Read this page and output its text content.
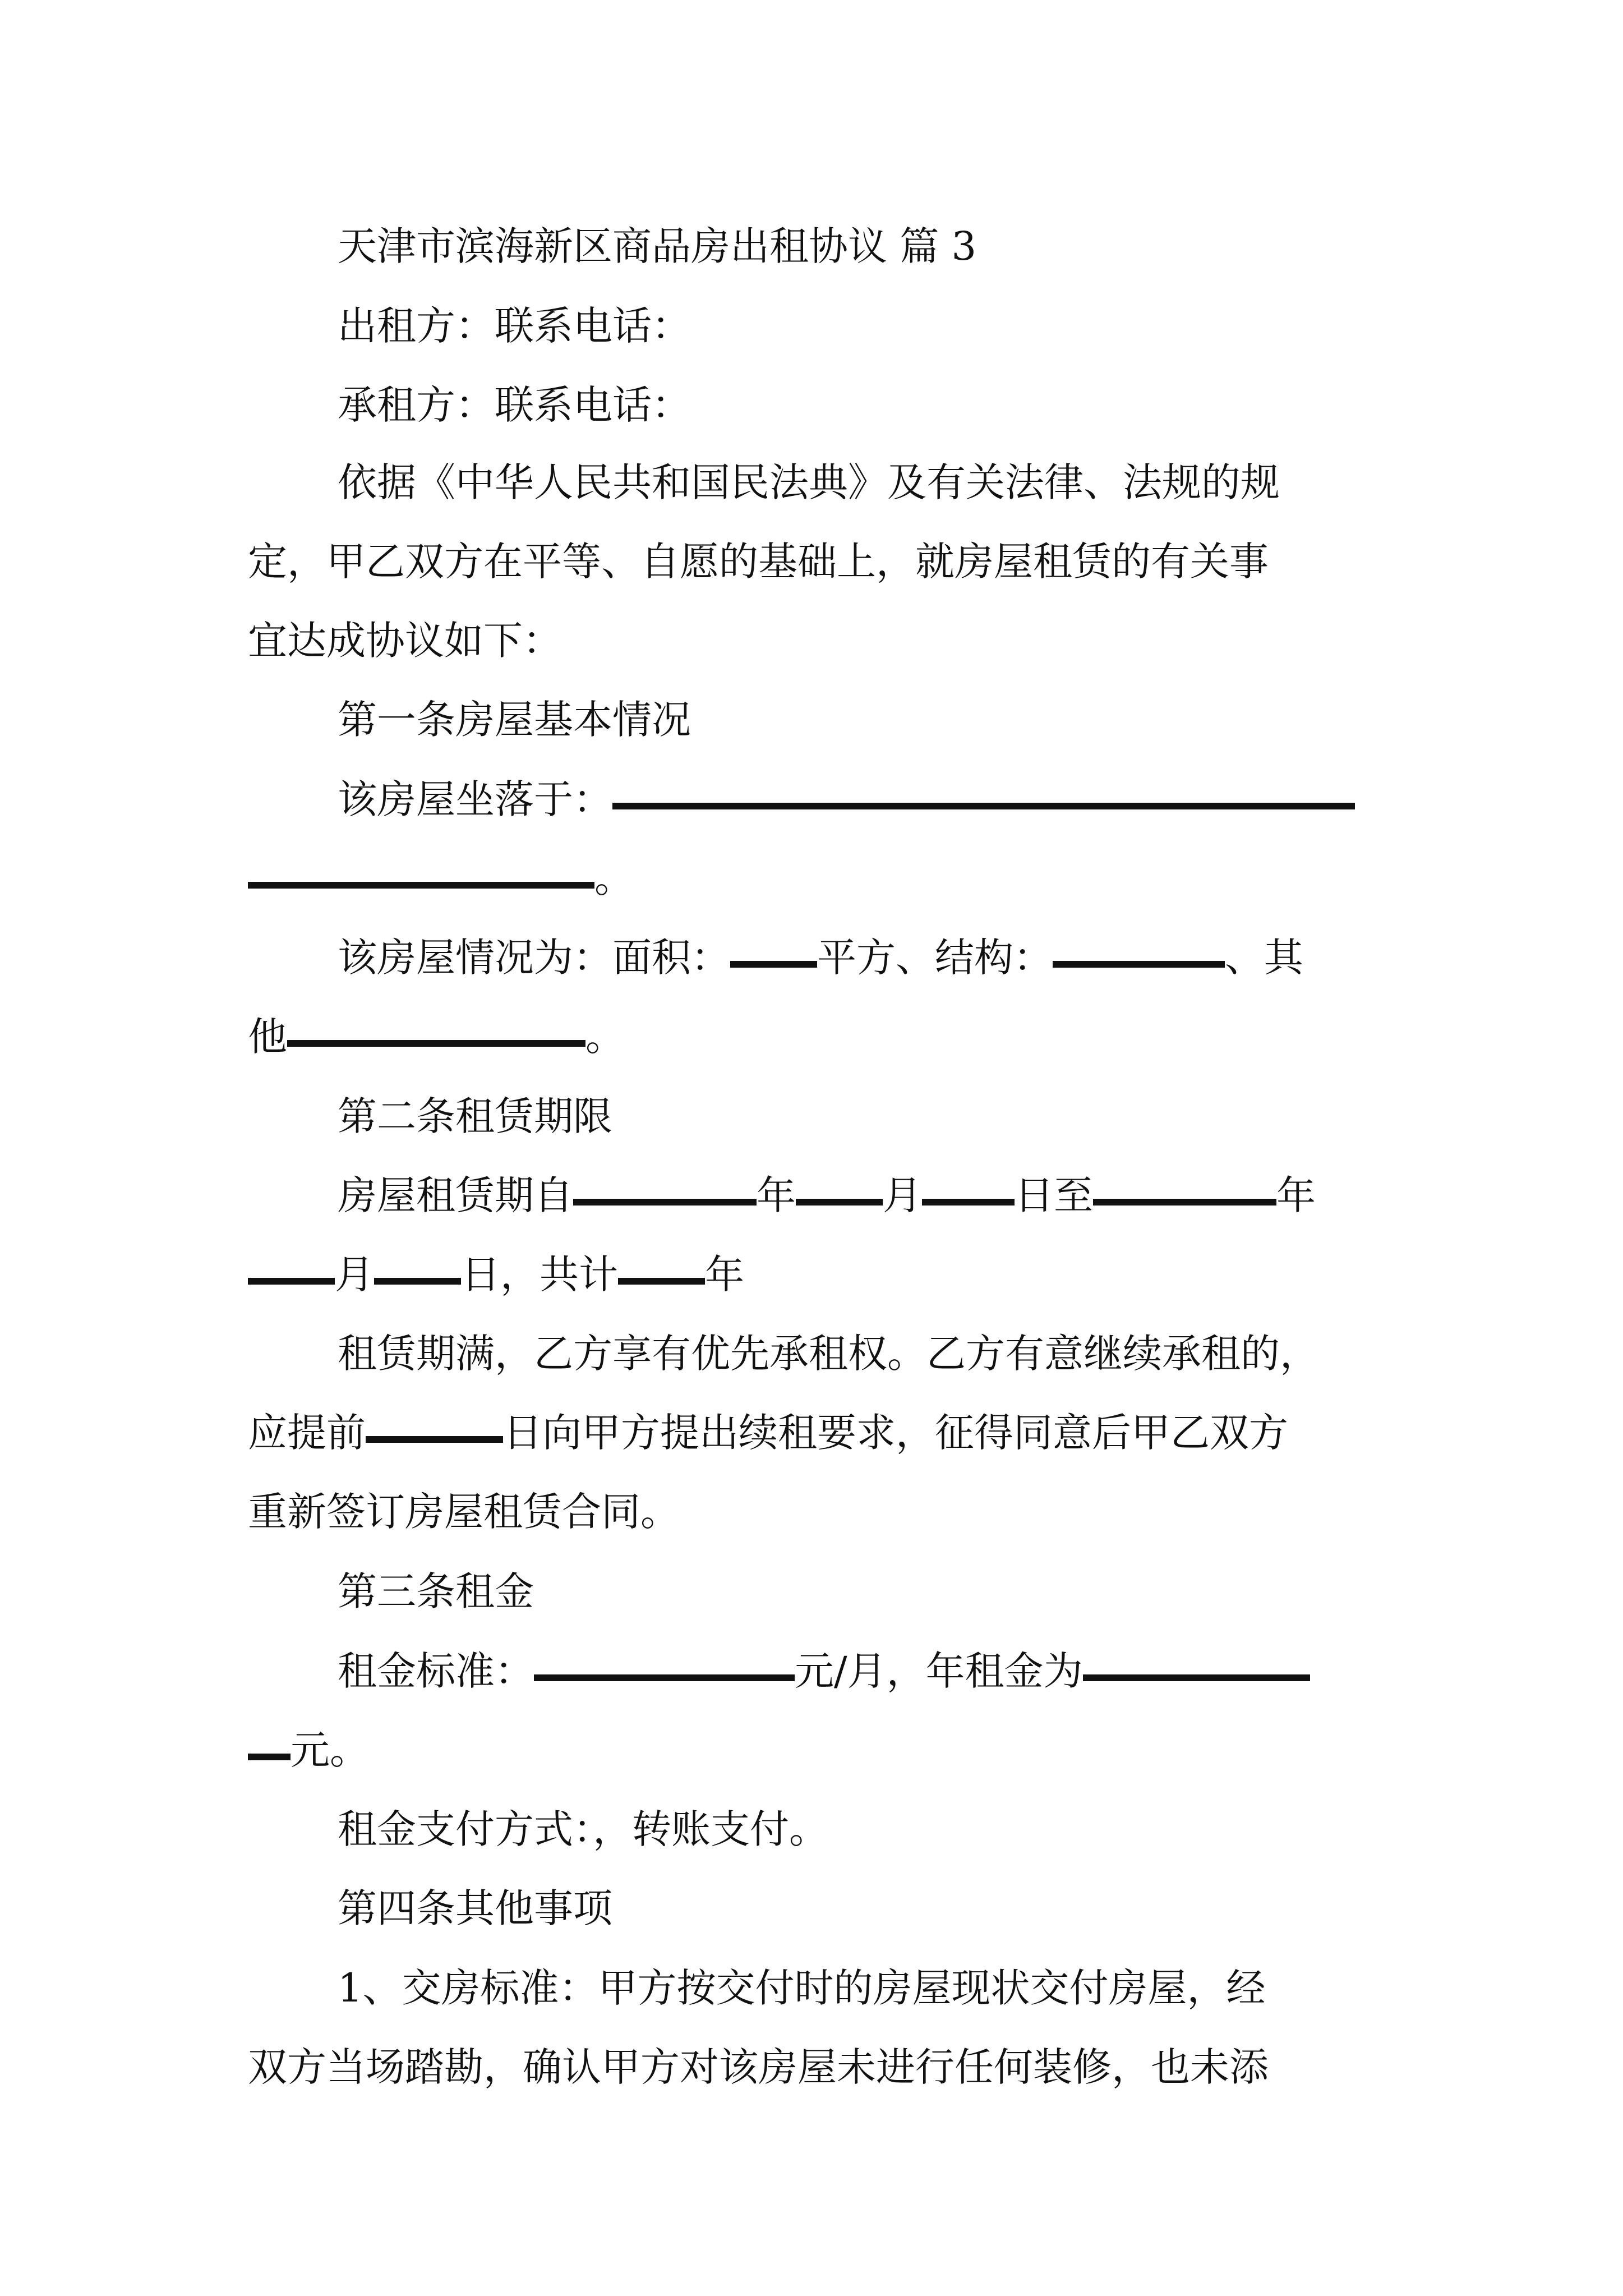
天津市滨海新区商品房出租协议 篇 3
出租方：联系电话：
承租方：联系电话：
依据《中华人民共和国民法典》及有关法律、法规的规
定，甲乙双方在平等、自愿的基础上，就房屋租赁的有关事
宜达成协议如下：
第一条房屋基本情况
该房屋坐落于：
。
该房屋情况为：面积： 平方、结构：	、其
他	。
第二条租赁期限
房屋租赁期自	年 月 日至	年
月 日，共计 年
租赁期满，乙方享有优先承租权。乙方有意继续承租的，
应提前	日向甲方提出续租要求，征得同意后甲乙双方
重新签订房屋租赁合同。
第三条租金
租金标准：	元/月，年租金为
元。
租金支付方式：，转账支付。
第四条其他事项
1、交房标准：甲方按交付时的房屋现状交付房屋，经
双方当场踏勘，确认甲方对该房屋未进行任何装修，也未添
